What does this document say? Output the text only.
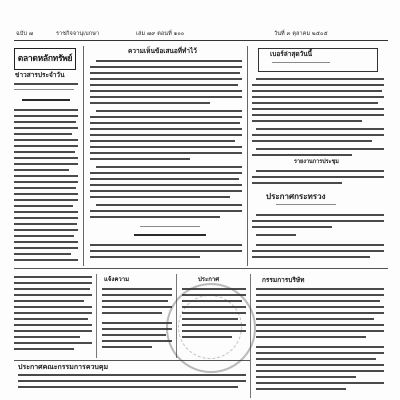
ฉบับ ๗	ราชกิจจานุเบกษา	เล่ม ๗๙ ตอนที่ ๑๐๐	วันที่ ๓ ตุลาคม ๒๕๐๕
ตลาดหลักทรัพย์
ข่าวสารประจำวัน
ความเห็นข้อเสนอที่ทำไว้	เบอร์ล่าสุดวันนี้
รายงานการประชุม
ประกาศกระทรวง
แจ้งความ	ประกาศ	กรรมการบริษัท
ประกาศคณะกรรมการควบคุม
